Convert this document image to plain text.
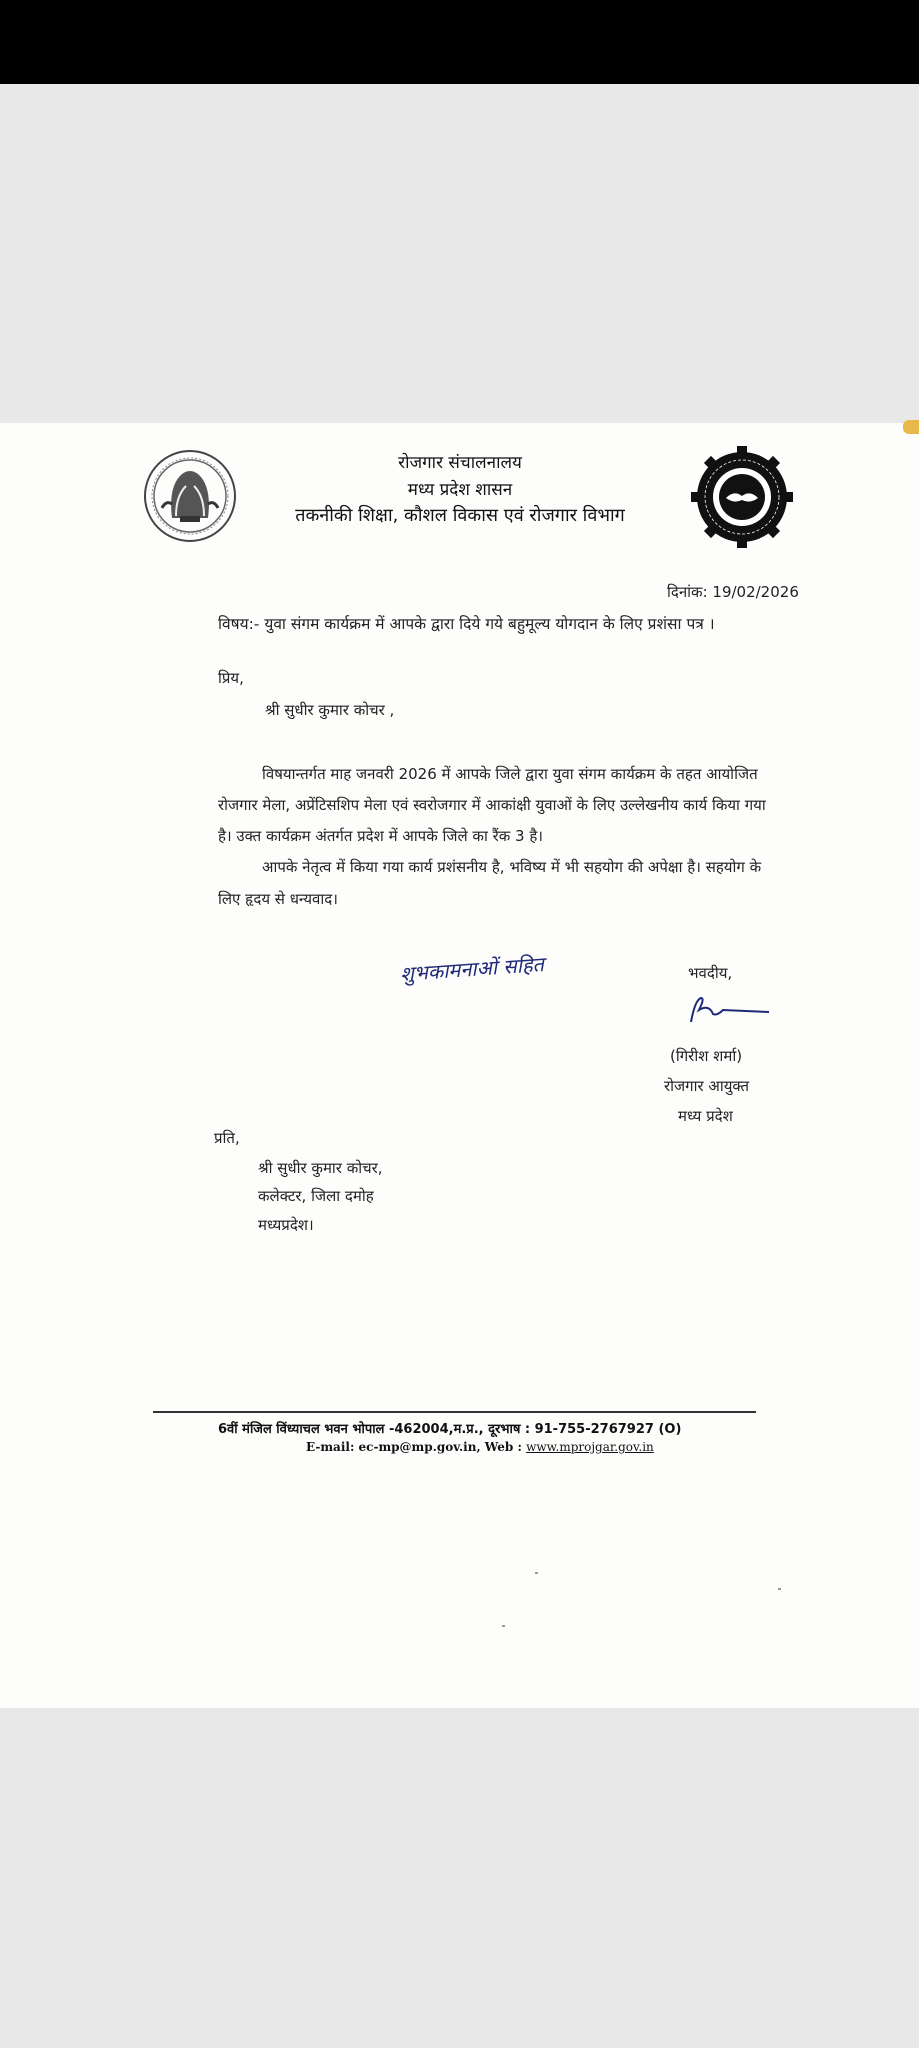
रोजगार संचालनालय
मध्य प्रदेश शासन
तकनीकी शिक्षा, कौशल विकास एवं रोजगार विभाग
दिनांक: 19/02/2026
विषय:- युवा संगम कार्यक्रम में आपके द्वारा दिये गये बहुमूल्य योगदान के लिए प्रशंसा पत्र ।
प्रिय,
श्री सुधीर कुमार कोचर ,
विषयान्तर्गत माह जनवरी 2026 में आपके जिले द्वारा युवा संगम कार्यक्रम के तहत आयोजित
रोजगार मेला, अप्रेंटिसशिप मेला एवं स्वरोजगार में आकांक्षी युवाओं के लिए उल्लेखनीय कार्य किया गया
है। उक्त कार्यक्रम अंतर्गत प्रदेश में आपके जिले का रैंक 3 है।
आपके नेतृत्व में किया गया कार्य प्रशंसनीय है, भविष्य में भी सहयोग की अपेक्षा है। सहयोग के
लिए हृदय से धन्यवाद।
शुभकामनाओं सहित	भवदीय,
(गिरीश शर्मा)
रोजगार आयुक्त
मध्य प्रदेश
प्रति,
श्री सुधीर कुमार कोचर,
कलेक्टर, जिला दमोह
मध्यप्रदेश।
6वीं मंजिल विंध्याचल भवन भोपाल -462004,म.प्र., दूरभाष : 91-755-2767927 (O)
E-mail: ec-mp@mp.gov.in, Web : www.mprojgar.gov.in
